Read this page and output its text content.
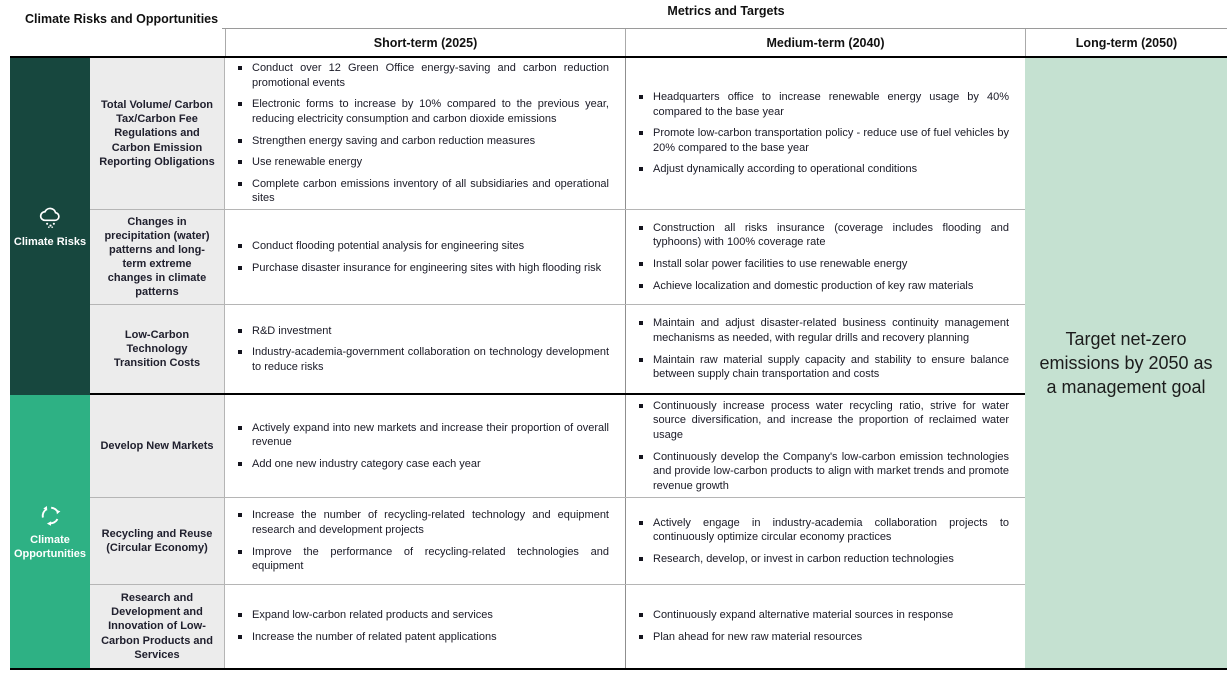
Climate Risks and Opportunities
Metrics and Targets
Short-term (2025)	Medium-term (2040)	Long-term (2050)
Climate Risks
Climate Opportunities
Total Volume/ Carbon Tax/Carbon Fee Regulations and Carbon Emission Reporting Obligations
Conduct over 12 Green Office energy-saving and carbon reduction promotional events
Electronic forms to increase by 10% compared to the previous year, reducing electricity consumption and carbon dioxide emissions
Strengthen energy saving and carbon reduction measures
Use renewable energy
Complete carbon emissions inventory of all subsidiaries and operational sites
Headquarters office to increase renewable energy usage by 40% compared to the base year
Promote low-carbon transportation policy - reduce use of fuel vehicles by 20% compared to the base year
Adjust dynamically according to operational conditions
Changes in precipitation (water) patterns and long-term extreme changes in climate patterns
Conduct flooding potential analysis for engineering sites
Purchase disaster insurance for engineering sites with high flooding risk
Construction all risks insurance (coverage includes flooding and typhoons) with 100% coverage rate
Install solar power facilities to use renewable energy
Achieve localization and domestic production of key raw materials
Low-Carbon Technology Transition Costs
R&D investment
Industry-academia-government collaboration on technology development to reduce risks
Maintain and adjust disaster-related business continuity management mechanisms as needed, with regular drills and recovery planning
Maintain raw material supply capacity and stability to ensure balance between supply chain transportation and costs
Develop New Markets
Actively expand into new markets and increase their proportion of overall revenue
Add one new industry category case each year
Continuously increase process water recycling ratio, strive for water source diversification, and increase the proportion of reclaimed water usage
Continuously develop the Company's low-carbon emission technologies and provide low-carbon products to align with market trends and promote revenue growth
Recycling and Reuse (Circular Economy)
Increase the number of recycling-related technology and equipment research and development projects
Improve the performance of recycling-related technologies and equipment
Actively engage in industry-academia collaboration projects to continuously optimize circular economy practices
Research, develop, or invest in carbon reduction technologies
Research and Development and Innovation of Low-Carbon Products and Services
Expand low-carbon related products and services
Increase the number of related patent applications
Continuously expand alternative material sources in response
Plan ahead for new raw material resources
Target net-zero emissions by 2050 as a management goal
